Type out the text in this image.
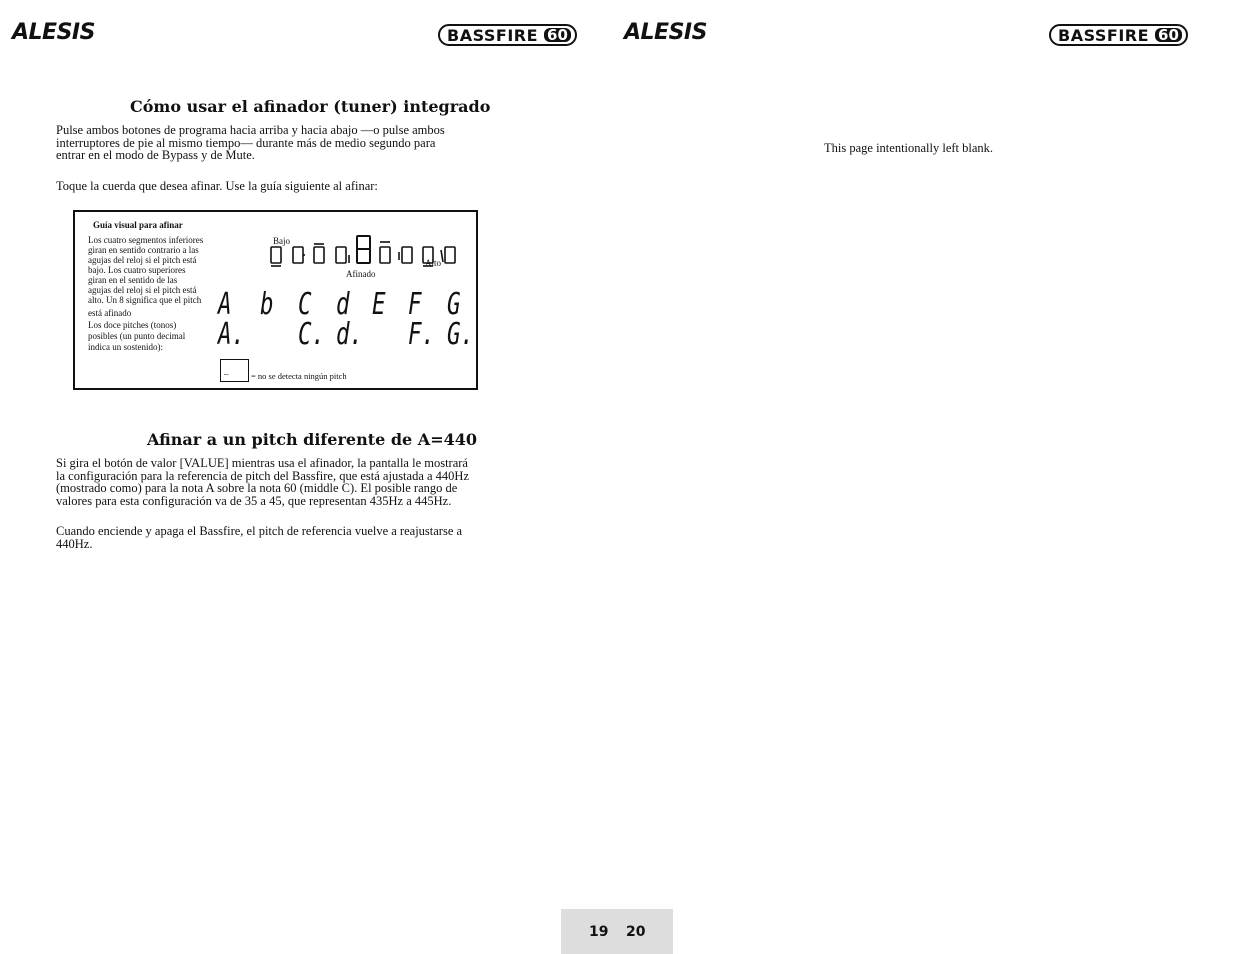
ALESIS	BASSFIRE 60	ALESIS	BASSFIRE 60
Cómo usar el afinador (tuner) integrado

Pulse ambos botones de programa hacia arriba y hacia abajo —o pulse ambos

interruptores de pie al mismo tiempo— durante más de medio segundo para

entrar en el modo de Bypass y de Mute.

Toque la cuerda que desea afinar. Use la guía siguiente al afinar:

Guía visual para afinar
Los cuatro segmentos inferiores
giran en sentido contrario a las
agujas del reloj si el pitch está
bajo. Los cuatro superiores
giran en el sentido de las
agujas del reloj si el pitch está
alto. Un 8 significa que el pitch
está afinado
Los doce pitches (tonos)
posibles (un punto decimal
indica un sostenido):
Bajo
Afinado
Alto
A b C d E F G
A. C. d. F. G.
_	= no se detecta ningún pitch
Afinar a un pitch diferente de A=440

Si gira el botón de valor [VALUE] mientras usa el afinador, la pantalla le mostrará

la configuración para la referencia de pitch del Bassfire, que está ajustada a 440Hz

(mostrado como) para la nota A sobre la nota 60 (middle C). El posible rango de

valores para esta configuración va de 35 a 45, que representan 435Hz a 445Hz.

Cuando enciende y apaga el Bassfire, el pitch de referencia vuelve a reajustarse a

440Hz.

This page intentionally left blank.

19 20
